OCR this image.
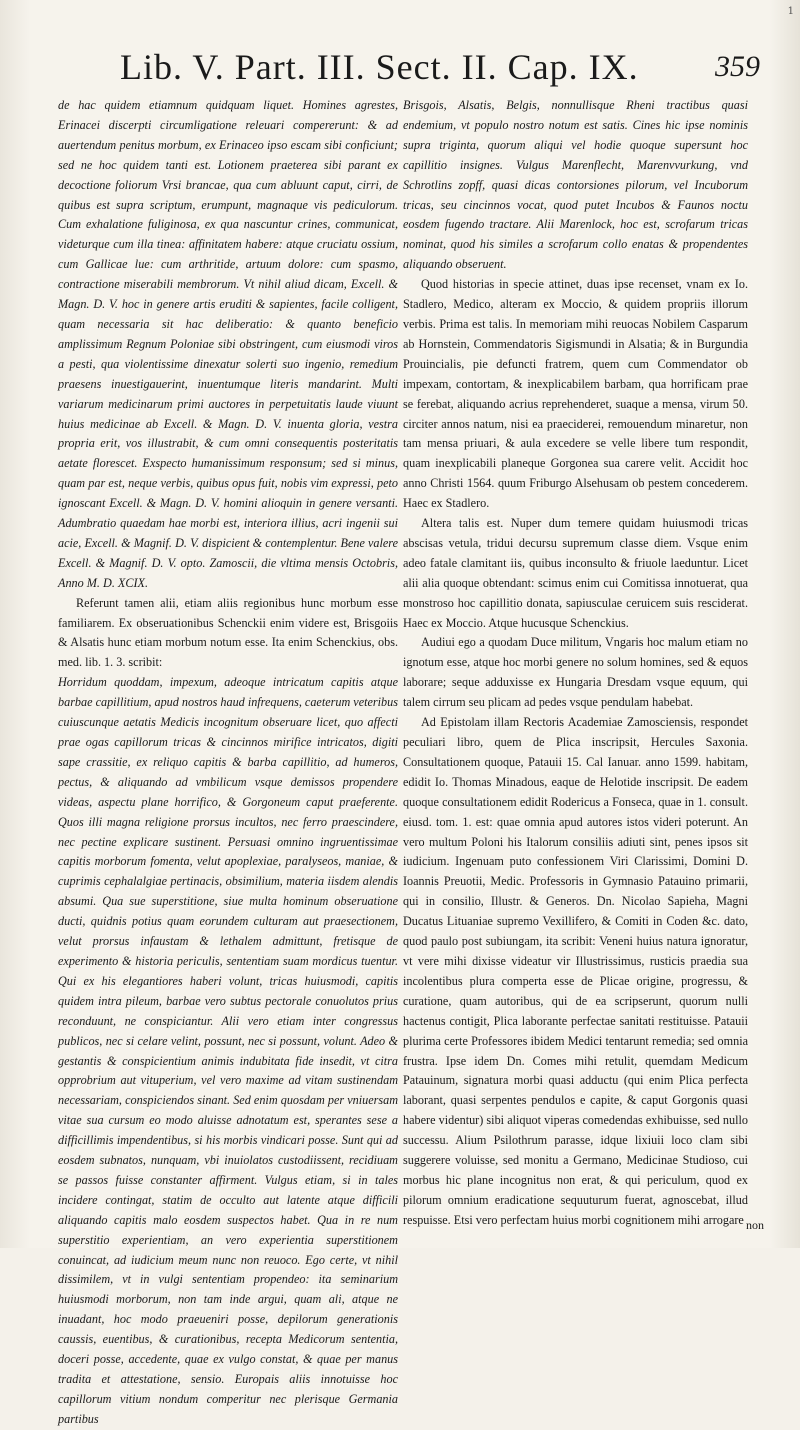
1
Lib. V. Part. III. Sect. II. Cap. IX.	359

de hac quidem etiamnum quidquam liquet. Homines agrestes, Erinacei discerpti circumligatione releuari compererunt: & ad auertendum penitus morbum, ex Erinaceo ipso escam sibi conficiunt; sed ne hoc quidem tanti est. Lotionem praeterea sibi parant ex decoctione foliorum Vrsi brancae, qua cum abluunt caput, cirri, de quibus est supra scriptum, erumpunt, magnaque vis pediculorum. Cum exhalatione fuliginosa, ex qua nascuntur crines, communicat, videturque cum illa tinea: affinitatem habere: atque cruciatu ossium, cum Gallicae lue: cum arthritide, artuum dolore: cum spasmo, contractione miserabili membrorum. Vt nihil aliud dicam, Excell. & Magn. D. V. hoc in genere artis eruditi & sapientes, facile colligent, quam necessaria sit hac deliberatio: & quanto beneficio amplissimum Regnum Poloniae sibi obstringent, cum eiusmodi viros a pesti, qua violentissime dinexatur solerti suo ingenio, remedium praesens inuestigauerint, inuentumque literis mandarint. Multi variarum medicinarum primi auctores in perpetuitatis laude viuunt huius medicinae ab Excell. & Magn. D. V. inuenta gloria, vestra propria erit, vos illustrabit, & cum omni consequentis posteritatis aetate florescet. Exspecto humanissimum responsum; sed si minus, quam par est, neque verbis, quibus opus fuit, nobis vim expressi, peto ignoscant Excell. & Magn. D. V. homini alioquin in genere versanti. Adumbratio quaedam hae morbi est, interiora illius, acri ingenii sui acie, Excell. & Magnif. D. V. dispicient & contemplentur. Bene valere Excell. & Magnif. D. V. opto. Zamoscii, die vltima mensis Octobris, Anno M. D. XCIX.

Referunt tamen alii, etiam aliis regionibus hunc morbum esse familiarem. Ex obseruationibus Schenckii enim videre est, Brisgoiis & Alsatis hunc etiam morbum notum esse. Ita enim Schenckius, obs. med. lib. 1. 3. scribit:

Horridum quoddam, impexum, adeoque intricatum capitis atque barbae capillitium, apud nostros haud infrequens, caeterum veteribus cuiuscunque aetatis Medicis incognitum obseruare licet, quo affecti prae ogas capillorum tricas & cincinnos mirifice intricatos, digiti sape crassitie, ex reliquo capitis & barba capillitio, ad humeros, pectus, & aliquando ad vmbilicum vsque demissos propendere videas, aspectu plane horrifico, & Gorgoneum caput praeferente. Quos illi magna religione prorsus incultos, nec ferro praescindere, nec pectine explicare sustinent. Persuasi omnino ingruentissimae capitis morborum fomenta, velut apoplexiae, paralyseos, maniae, & cuprimis cephalalgiae pertinacis, obsimilium, materia iisdem alendis absumi. Qua sue superstitione, siue multa hominum obseruatione ducti, quidnis potius quam eorundem culturam aut praesectionem, velut prorsus infaustam & lethalem admittunt, fretisque de experimento & historia periculis, sententiam suam mordicus tuentur. Qui ex his elegantiores haberi volunt, tricas huiusmodi, capitis quidem intra pileum, barbae vero subtus pectorale conuolutos prius reconduunt, ne conspiciantur. Alii vero etiam inter congressus publicos, nec si celare velint, possunt, nec si possunt, volunt. Adeo & gestantis & conspicientium animis indubitata fide insedit, vt citra opprobrium aut vituperium, vel vero maxime ad vitam sustinendam necessariam, conspiciendos sinant. Sed enim quosdam per vniuersam vitae sua cursum eo modo aluisse adnotatum est, sperantes sese a difficillimis impendentibus, si his morbis vindicari posse. Sunt qui ad eosdem subnatos, nunquam, vbi inuiolatos custodiissent, recidiuam se passos fuisse constanter affirment. Vulgus etiam, si in tales incidere contingat, statim de occulto aut latente atque difficili aliquando capitis malo eosdem suspectos habet. Qua in re num superstitio experientiam, an vero experientia superstitionem conuincat, ad iudicium meum nunc non reuoco. Ego certe, vt nihil dissimilem, vt in vulgi sententiam propendeo: ita seminarium huiusmodi morborum, non tam inde argui, quam ali, atque ne inuadant, hoc modo praeueniri posse, depilorum generationis caussis, euentibus, & curationibus, recepta Medicorum sententia, doceri posse, accedente, quae ex vulgo constat, & quae per manus tradita et attestatione, sensio. Europais aliis innotuisse hoc capillorum vitium nondum comperitur nec plerisque Germania partibus

Brisgois, Alsatis, Belgis, nonnullisque Rheni tractibus quasi endemium, vt populo nostro notum est satis. Cines hic ipse nominis supra triginta, quorum aliqui vel hodie quoque supersunt hoc capillitio insignes. Vulgus Marenflecht, Marenvvurkung, vnd Schrotlins zopff, quasi dicas contorsiones pilorum, vel Incuborum tricas, seu cincinnos vocat, quod putet Incubos & Faunos noctu eosdem fugendo tractare. Alii Marenlock, hoc est, scrofarum tricas nominat, quod his similes a scrofarum collo enatas & propendentes aliquando obseruent.

Quod historias in specie attinet, duas ipse recenset, vnam ex Io. Stadlero, Medico, alteram ex Moccio, & quidem propriis illorum verbis. Prima est talis. In memoriam mihi reuocas Nobilem Casparum ab Hornstein, Commendatoris Sigismundi in Alsatia; & in Burgundia Prouincialis, pie defuncti fratrem, quem cum Commendator ob impexam, contortam, & inexplicabilem barbam, qua horrificam prae se ferebat, aliquando acrius reprehenderet, suaque a mensa, virum 50. circiter annos natum, nisi ea praeciderei, remouendum minaretur, non tam mensa priuari, & aula excedere se velle libere tum respondit, quam inexplicabili planeque Gorgonea sua carere velit. Accidit hoc anno Christi 1564. quum Friburgo Alsehusam ob pestem concederem. Haec ex Stadlero.

Altera talis est. Nuper dum temere quidam huiusmodi tricas abscisas vetula, tridui decursu supremum classe diem. Vsque enim adeo fatale clamitant iis, quibus inconsulto & friuole laeduntur. Licet alii alia quoque obtendant: scimus enim cui Comitissa innotuerat, qua monstroso hoc capillitio donata, sapiusculae ceruicem suis resciderat. Haec ex Moccio. Atque hucusque Schenckius.

Audiui ego a quodam Duce militum, Vngaris hoc malum etiam no ignotum esse, atque hoc morbi genere no solum homines, sed & equos laborare; seque adduxisse ex Hungaria Dresdam vsque equum, qui talem cirrum seu plicam ad pedes vsque pendulam habebat.

Ad Epistolam illam Rectoris Academiae Zamosciensis, respondet peculiari libro, quem de Plica inscripsit, Hercules Saxonia. Consultationem quoque, Patauii 15. Cal Ianuar. anno 1599. habitam, edidit Io. Thomas Minadous, eaque de Helotide inscripsit. De eadem quoque consultationem edidit Rodericus a Fonseca, quae in 1. consult. eiusd. tom. 1. est: quae omnia apud autores istos videri poterunt. An vero multum Poloni his Italorum consiliis adiuti sint, penes ipsos sit iudicium. Ingenuam puto confessionem Viri Clarissimi, Domini D. Ioannis Preuotii, Medic. Professoris in Gymnasio Patauino primarii, qui in consilio, Illustr. & Generos. Dn. Nicolao Sapieha, Magni Ducatus Lituaniae supremo Vexillifero, & Comiti in Coden &c. dato, quod paulo post subiungam, ita scribit: Veneni huius natura ignoratur, vt vere mihi dixisse videatur vir Illustrissimus, rusticis praedia sua incolentibus plura comperta esse de Plicae origine, progressu, & curatione, quam autoribus, qui de ea scripserunt, quorum nulli hactenus contigit, Plica laborante perfectae sanitati restituisse. Patauii plurima certe Professores ibidem Medici tentarunt remedia; sed omnia frustra. Ipse idem Dn. Comes mihi retulit, quemdam Medicum Patauinum, signatura morbi quasi adductu (qui enim Plica perfecta laborant, quasi serpentes pendulos e capite, & caput Gorgonis quasi habere videntur) sibi aliquot viperas comedendas exhibuisse, sed nullo successu. Alium Psilothrum parasse, idque lixiuii loco clam sibi suggerere voluisse, sed monitu a Germano, Medicinae Studioso, cui morbus hic plane incognitus non erat, & qui periculum, quod ex pilorum omnium eradicatione sequuturum fuerat, agnoscebat, illud respuisse. Etsi vero perfectam huius morbi cognitionem mihi arrogare non
